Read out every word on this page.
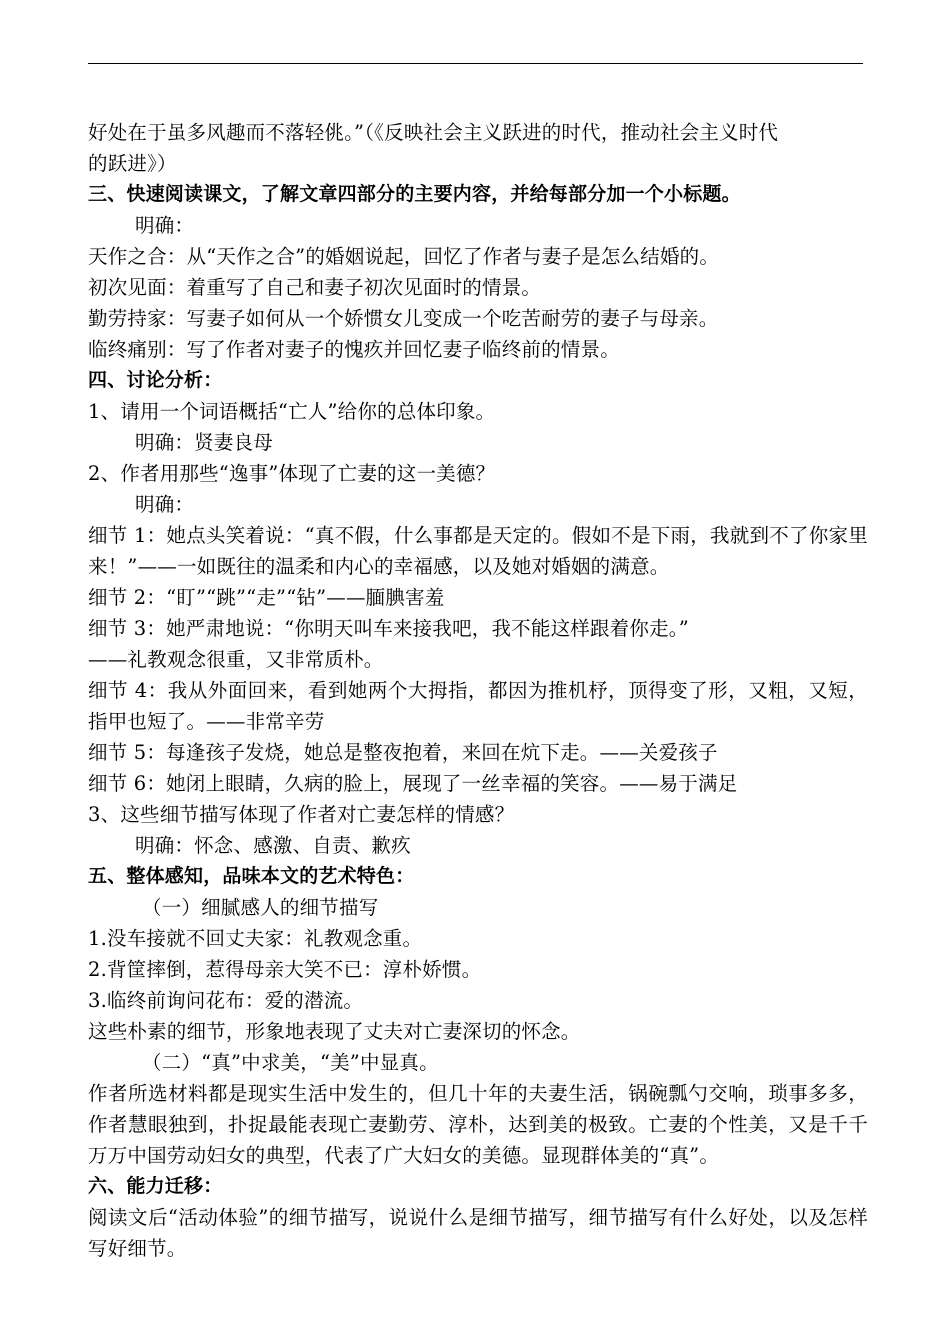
好处在于虽多风趣而不落轻佻。”（《反映社会主义跃进的时代，推动社会主义时代
的跃进》）
三、快速阅读课文，了解文章四部分的主要内容，并给每部分加一个小标题。
明确：
天作之合：从“天作之合”的婚姻说起，回忆了作者与妻子是怎么结婚的。
初次见面：着重写了自己和妻子初次见面时的情景。
勤劳持家：写妻子如何从一个娇惯女儿变成一个吃苦耐劳的妻子与母亲。
临终痛别：写了作者对妻子的愧疚并回忆妻子临终前的情景。
四、讨论分析：
1、请用一个词语概括“亡人”给你的总体印象。
明确：贤妻良母
2、作者用那些“逸事”体现了亡妻的这一美德？
明确：
细节 1：她点头笑着说：“真不假，什么事都是天定的。假如不是下雨，我就到不了你家里来！”——一如既往的温柔和内心的幸福感，以及她对婚姻的满意。
细节 2：“盯”“跳”“走”“钻”——腼腆害羞
细节 3：她严肃地说：“你明天叫车来接我吧，我不能这样跟着你走。”
——礼教观念很重，又非常质朴。
细节 4：我从外面回来，看到她两个大拇指，都因为推机杼，顶得变了形，又粗，又短，指甲也短了。——非常辛劳
细节 5：每逢孩子发烧，她总是整夜抱着，来回在炕下走。——关爱孩子
细节 6：她闭上眼睛，久病的脸上，展现了一丝幸福的笑容。——易于满足
3、这些细节描写体现了作者对亡妻怎样的情感？
明确：怀念、感激、自责、歉疚
五、整体感知，品味本文的艺术特色：
（一）细腻感人的细节描写
1.没车接就不回丈夫家：礼教观念重。
2.背筐摔倒，惹得母亲大笑不已：淳朴娇惯。
3.临终前询问花布：爱的潜流。
这些朴素的细节，形象地表现了丈夫对亡妻深切的怀念。
（二）“真”中求美，“美”中显真。
作者所选材料都是现实生活中发生的，但几十年的夫妻生活，锅碗瓢勺交响，琐事多多，作者慧眼独到，扑捉最能表现亡妻勤劳、淳朴，达到美的极致。亡妻的个性美，又是千千万万中国劳动妇女的典型，代表了广大妇女的美德。显现群体美的“真”。
六、能力迁移：
阅读文后“活动体验”的细节描写，说说什么是细节描写，细节描写有什么好处，以及怎样写好细节。
